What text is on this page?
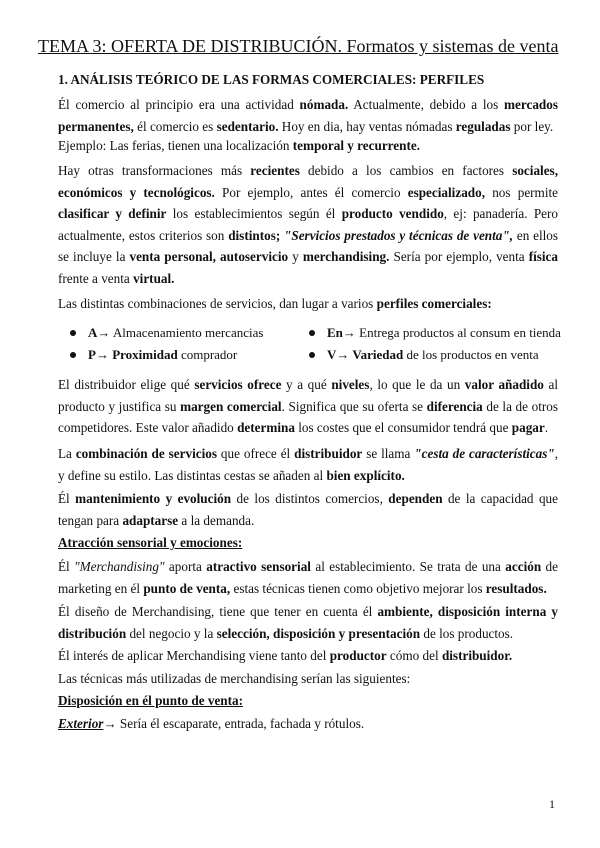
TEMA 3: OFERTA DE DISTRIBUCIÓN. Formatos y sistemas de venta
1. ANÁLISIS TEÓRICO DE LAS FORMAS COMERCIALES: PERFILES
Él comercio al principio era una actividad nómada. Actualmente, debido a los mercados permanentes, él comercio es sedentario. Hoy en dia, hay ventas nómadas reguladas por ley.
Ejemplo: Las ferias, tienen una localización temporal y recurrente.
Hay otras transformaciones más recientes debido a los cambios en factores sociales, económicos y tecnológicos. Por ejemplo, antes él comercio especializado, nos permite clasificar y definir los establecimientos según él producto vendido, ej: panadería. Pero actualmente, estos criterios son distintos; "Servicios prestados y técnicas de venta", en ellos se incluye la venta personal, autoservicio y merchandising. Sería por ejemplo, venta física frente a venta virtual.
Las distintas combinaciones de servicios, dan lugar a varios perfiles comerciales:
A→ Almacenamiento mercancias	En→ Entrega productos al consum en tienda
P→ Proximidad comprador	V→ Variedad de los productos en venta
El distribuidor elige qué servicios ofrece y a qué niveles, lo que le da un valor añadido al producto y justifica su margen comercial. Significa que su oferta se diferencia de la de otros competidores. Este valor añadido determina los costes que el consumidor tendrá que pagar.
La combinación de servicios que ofrece él distribuidor se llama "cesta de características", y define su estilo. Las distintas cestas se añaden al bien explícito.
Él mantenimiento y evolución de los distintos comercios, dependen de la capacidad que tengan para adaptarse a la demanda.
Atracción sensorial y emociones:
Él "Merchandising" aporta atractivo sensorial al establecimiento. Se trata de una acción de marketing en él punto de venta, estas técnicas tienen como objetivo mejorar los resultados.
Él diseño de Merchandising, tiene que tener en cuenta él ambiente, disposición interna y distribución del negocio y la selección, disposición y presentación de los productos.
Él interés de aplicar Merchandising viene tanto del productor cómo del distribuidor.
Las técnicas más utilizadas de merchandising serían las siguientes:
Disposición en él punto de venta:
Exterior→ Sería él escaparate, entrada, fachada y rótulos.
1
